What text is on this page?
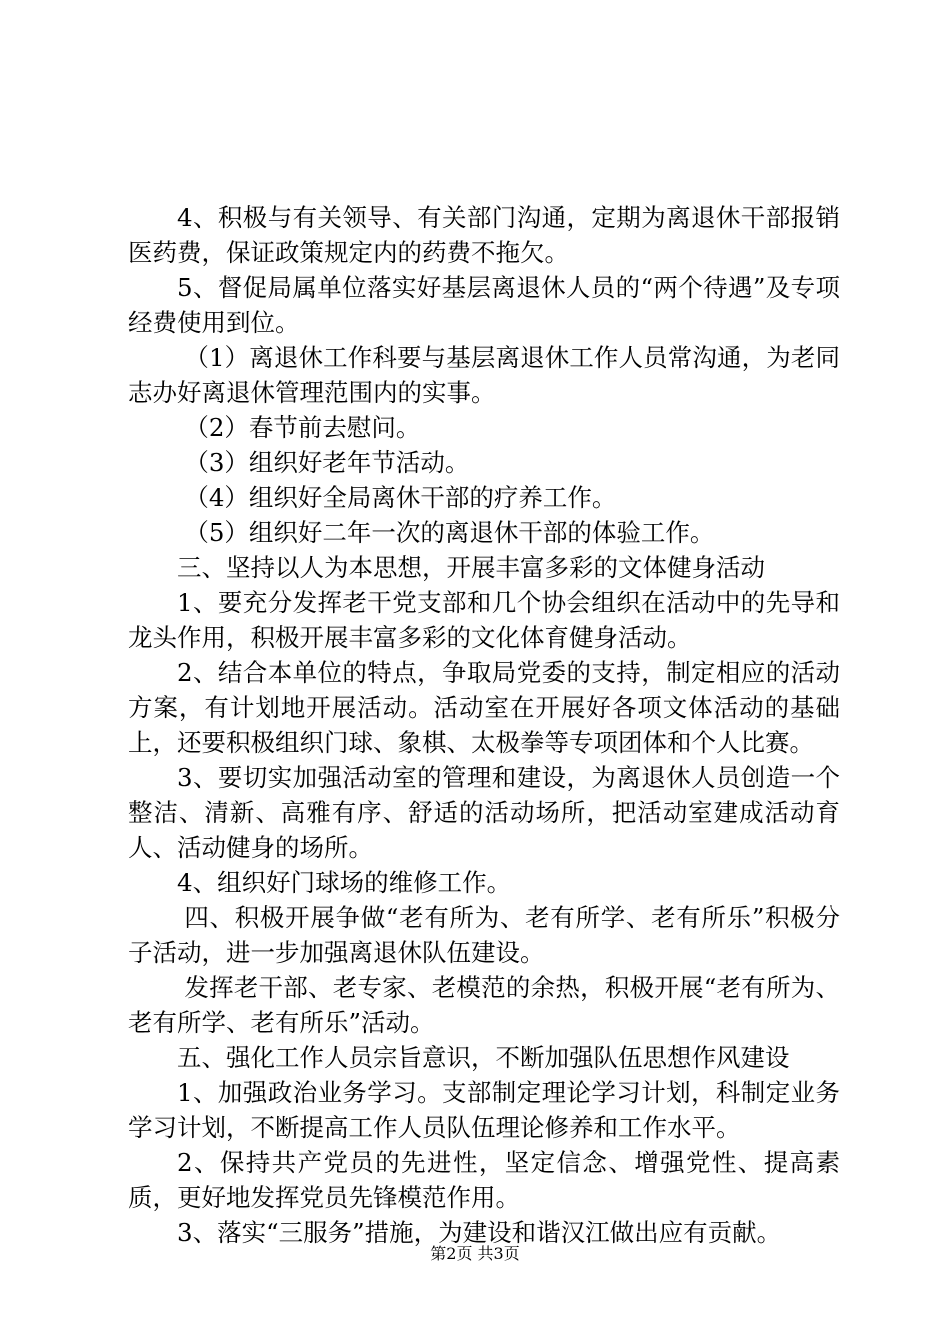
4、积极与有关领导、有关部门沟通，定期为离退休干部报销医药费，保证政策规定内的药费不拖欠。

5、督促局属单位落实好基层离退休人员的“两个待遇”及专项经费使用到位。

（1）离退休工作科要与基层离退休工作人员常沟通，为老同志办好离退休管理范围内的实事。

（2）春节前去慰问。

（3）组织好老年节活动。

（4）组织好全局离休干部的疗养工作。

（5）组织好二年一次的离退休干部的体验工作。

三、坚持以人为本思想，开展丰富多彩的文体健身活动

1、要充分发挥老干党支部和几个协会组织在活动中的先导和龙头作用，积极开展丰富多彩的文化体育健身活动。

2、结合本单位的特点，争取局党委的支持，制定相应的活动方案，有计划地开展活动。活动室在开展好各项文体活动的基础上，还要积极组织门球、象棋、太极拳等专项团体和个人比赛。

3、要切实加强活动室的管理和建设，为离退休人员创造一个整洁、清新、高雅有序、舒适的活动场所，把活动室建成活动育人、活动健身的场所。

4、组织好门球场的维修工作。

四、积极开展争做“老有所为、老有所学、老有所乐”积极分子活动，进一步加强离退休队伍建设。

发挥老干部、老专家、老模范的余热，积极开展“老有所为、老有所学、老有所乐”活动。

五、强化工作人员宗旨意识，不断加强队伍思想作风建设

1、加强政治业务学习。支部制定理论学习计划，科制定业务学习计划，不断提高工作人员队伍理论修养和工作水平。

2、保持共产党员的先进性，坚定信念、增强党性、提高素质，更好地发挥党员先锋模范作用。

3、落实“三服务”措施，为建设和谐汉江做出应有贡献。

第2页 共3页
